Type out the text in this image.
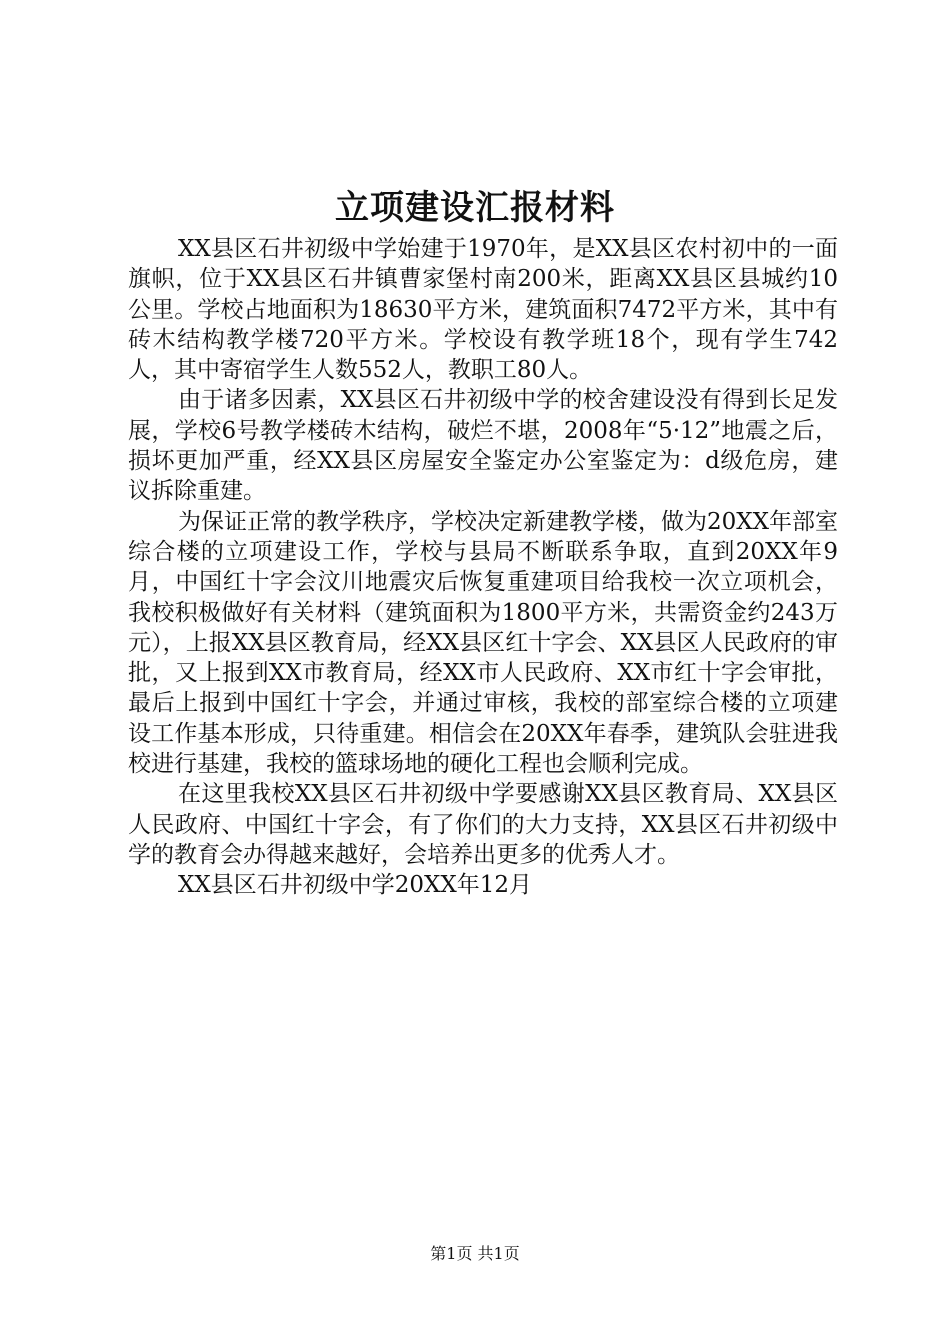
立项建设汇报材料

XX县区石井初级中学始建于1970年，是XX县区农村初中的一面旗帜，位于XX县区石井镇曹家堡村南200米，距离XX县区县城约10公里。学校占地面积为18630平方米，建筑面积7472平方米，其中有砖木结构教学楼720平方米。学校设有教学班18个，现有学生742人，其中寄宿学生人数552人，教职工80人。

由于诸多因素，XX县区石井初级中学的校舍建设没有得到长足发展，学校6号教学楼砖木结构，破烂不堪，2008年“5·12”地震之后，损坏更加严重，经XX县区房屋安全鉴定办公室鉴定为：d级危房，建议拆除重建。

为保证正常的教学秩序，学校决定新建教学楼，做为20XX年部室综合楼的立项建设工作，学校与县局不断联系争取，直到20XX年9月，中国红十字会汶川地震灾后恢复重建项目给我校一次立项机会，我校积极做好有关材料（建筑面积为1800平方米，共需资金约243万元），上报XX县区教育局，经XX县区红十字会、XX县区人民政府的审批，又上报到XX市教育局，经XX市人民政府、XX市红十字会审批，最后上报到中国红十字会，并通过审核，我校的部室综合楼的立项建设工作基本形成，只待重建。相信会在20XX年春季，建筑队会驻进我校进行基建，我校的篮球场地的硬化工程也会顺利完成。

在这里我校XX县区石井初级中学要感谢XX县区教育局、XX县区人民政府、中国红十字会，有了你们的大力支持，XX县区石井初级中学的教育会办得越来越好，会培养出更多的优秀人才。

XX县区石井初级中学20XX年12月

第1页 共1页
